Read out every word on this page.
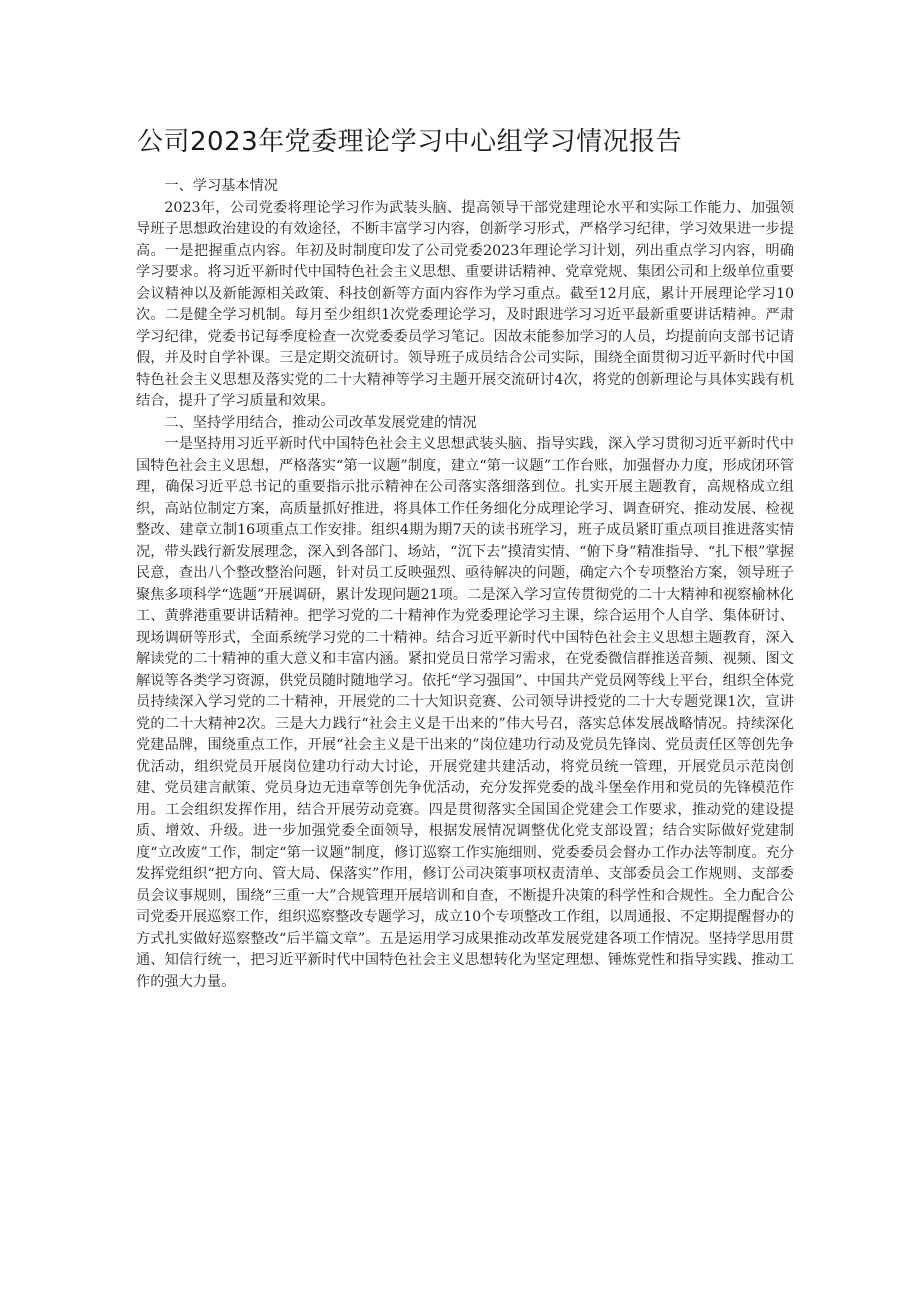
公司2023年党委理论学习中心组学习情况报告

一、学习基本情况

2023年，公司党委将理论学习作为武装头脑、提高领导干部党建理论水平和实际工作能力、加强领导班子思想政治建设的有效途径，不断丰富学习内容，创新学习形式，严格学习纪律，学习效果进一步提高。一是把握重点内容。年初及时制度印发了公司党委2023年理论学习计划，列出重点学习内容，明确学习要求。将习近平新时代中国特色社会主义思想、重要讲话精神、党章党规、集团公司和上级单位重要会议精神以及新能源相关政策、科技创新等方面内容作为学习重点。截至12月底，累计开展理论学习10次。二是健全学习机制。每月至少组织1次党委理论学习，及时跟进学习习近平最新重要讲话精神。严肃学习纪律，党委书记每季度检查一次党委委员学习笔记。因故未能参加学习的人员，均提前向支部书记请假，并及时自学补课。三是定期交流研讨。领导班子成员结合公司实际，围绕全面贯彻习近平新时代中国特色社会主义思想及落实党的二十大精神等学习主题开展交流研讨4次，将党的创新理论与具体实践有机结合，提升了学习质量和效果。

二、坚持学用结合，推动公司改革发展党建的情况

一是坚持用习近平新时代中国特色社会主义思想武装头脑、指导实践，深入学习贯彻习近平新时代中国特色社会主义思想，严格落实“第一议题”制度，建立“第一议题”工作台账，加强督办力度，形成闭环管理，确保习近平总书记的重要指示批示精神在公司落实落细落到位。扎实开展主题教育，高规格成立组织，高站位制定方案，高质量抓好推进，将具体工作任务细化分成理论学习、调查研究、推动发展、检视整改、建章立制16项重点工作安排。组织4期为期7天的读书班学习，班子成员紧盯重点项目推进落实情况，带头践行新发展理念，深入到各部门、场站，“沉下去”摸清实情、“俯下身”精准指导、“扎下根”掌握民意，查出八个整改整治问题，针对员工反映强烈、亟待解决的问题，确定六个专项整治方案，领导班子聚焦多项科学“选题”开展调研，累计发现问题21项。二是深入学习宣传贯彻党的二十大精神和视察榆林化工、黄骅港重要讲话精神。把学习党的二十精神作为党委理论学习主课，综合运用个人自学、集体研讨、现场调研等形式，全面系统学习党的二十精神。结合习近平新时代中国特色社会主义思想主题教育，深入解读党的二十精神的重大意义和丰富内涵。紧扣党员日常学习需求，在党委微信群推送音频、视频、图文解说等各类学习资源，供党员随时随地学习。依托“学习强国”、中国共产党员网等线上平台，组织全体党员持续深入学习党的二十精神，开展党的二十大知识竞赛、公司领导讲授党的二十大专题党课1次，宣讲党的二十大精神2次。三是大力践行“社会主义是干出来的”伟大号召，落实总体发展战略情况。持续深化党建品牌，围绕重点工作，开展“社会主义是干出来的”岗位建功行动及党员先锋岗、党员责任区等创先争优活动，组织党员开展岗位建功行动大讨论，开展党建共建活动，将党员统一管理，开展党员示范岗创建、党员建言献策、党员身边无违章等创先争优活动，充分发挥党委的战斗堡垒作用和党员的先锋模范作用。工会组织发挥作用，结合开展劳动竞赛。四是贯彻落实全国国企党建会工作要求，推动党的建设提质、增效、升级。进一步加强党委全面领导，根据发展情况调整优化党支部设置；结合实际做好党建制度“立改废”工作，制定“第一议题”制度，修订巡察工作实施细则、党委委员会督办工作办法等制度。充分发挥党组织“把方向、管大局、保落实”作用，修订公司决策事项权责清单、支部委员会工作规则、支部委员会议事规则，围绕“三重一大”合规管理开展培训和自查，不断提升决策的科学性和合规性。全力配合公司党委开展巡察工作，组织巡察整改专题学习，成立10个专项整改工作组，以周通报、不定期提醒督办的方式扎实做好巡察整改“后半篇文章”。五是运用学习成果推动改革发展党建各项工作情况。坚持学思用贯通、知信行统一，把习近平新时代中国特色社会主义思想转化为坚定理想、锤炼党性和指导实践、推动工作的强大力量。
